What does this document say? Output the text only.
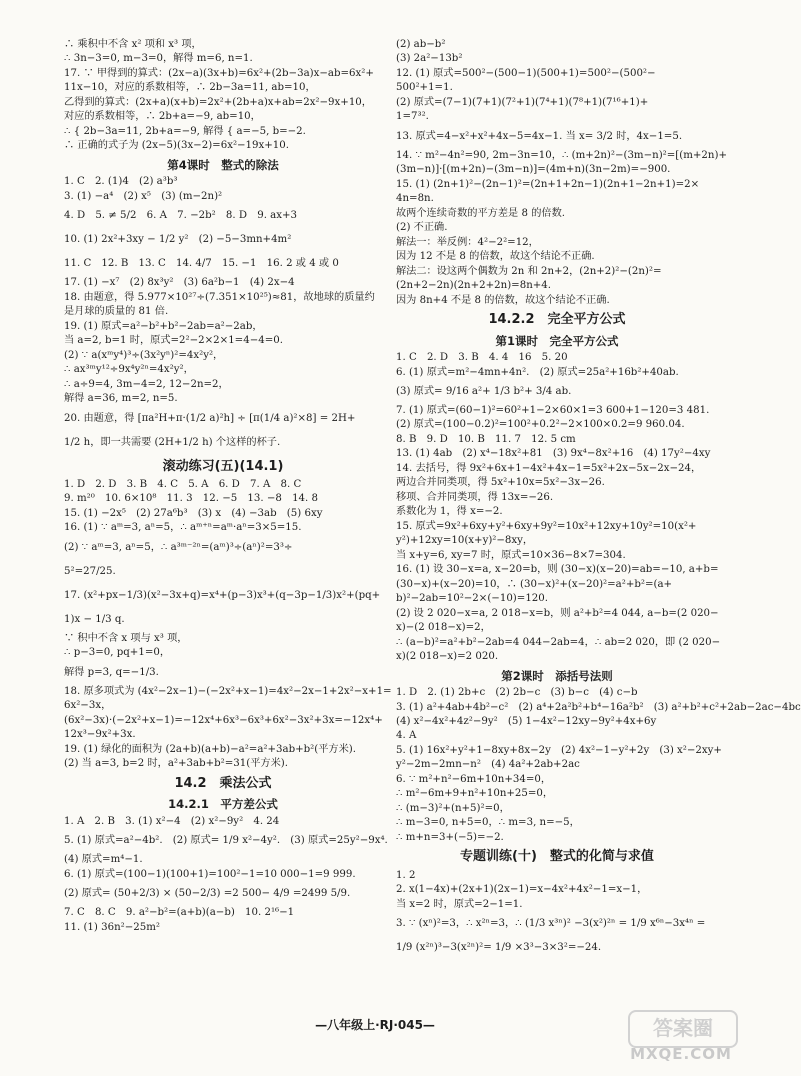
∴ 乘积中不含 x² 项和 x³ 项，
∴ 3n−3=0, m−3=0，解得 m=6, n=1.
17. ∵ 甲得到的算式：(2x−a)(3x+b)=6x²+(2b−3a)x−ab=6x²+
11x−10，对应的系数相等，∴ 2b−3a=11, ab=10，
乙得到的算式：(2x+a)(x+b)=2x²+(2b+a)x+ab=2x²−9x+10，
对应的系数相等，∴ 2b+a=−9, ab=10，
∴ { 2b−3a=11, 2b+a=−9, 解得 { a=−5, b=−2.
∴ 正确的式子为 (2x−5)(3x−2)=6x²−19x+10.
第4课时　整式的除法
1. C　2. (1)4　(2) a³b³
3. (1) −a⁴　(2) x⁵　(3) (m−2n)²
4. D　5. ≠ 5/2　6. A　7. −2b²　8. D　9. ax+3
10. (1) 2x²+3xy − 1/2 y²　(2) −5−3mn+4m²
11. C　12. B　13. C　14. 4/7　15. −1　16. 2 或 4 或 0
17. (1) −x⁷　(2) 8x³y²　(3) 6a²b−1　(4) 2x−4
18. 由题意，得 5.977×10²⁷÷(7.351×10²⁵)≈81，故地球的质量约
是月球的质量的 81 倍.
19. (1) 原式=a²−b²+b²−2ab=a²−2ab，
当 a=2, b=1 时，原式=2²−2×2×1=4−4=0.
(2) ∵ a(xᵐy⁴)³÷(3x²yⁿ)²=4x²y²，
∴ ax³ᵐy¹²÷9x⁴y²ⁿ=4x²y²，
∴ a÷9=4, 3m−4=2, 12−2n=2，
解得 a=36, m=2, n=5.
20. 由题意，得 [πa²H+π·(1/2 a)²h] ÷ [π(1/4 a)²×8] = 2H+
1/2 h，即一共需要 (2H+1/2 h) 个这样的杯子.
滚动练习(五)(14.1)
1. D　2. D　3. B　4. C　5. A　6. D　7. A　8. C
9. m²⁰　10. 6×10⁸　11. 3　12. −5　13. −8　14. 8
15. (1) −2x⁵　(2) 27a⁶b³　(3) x　(4) −3ab　(5) 6xy
16. (1) ∵ aᵐ=3, aⁿ=5，∴ aᵐ⁺ⁿ=aᵐ·aⁿ=3×5=15.
(2) ∵ aᵐ=3, aⁿ=5，∴ a³ᵐ⁻²ⁿ=(aᵐ)³÷(aⁿ)²=3³÷
5²=27/25.
17. (x²+px−1/3)(x²−3x+q)=x⁴+(p−3)x³+(q−3p−1/3)x²+(pq+
1)x − 1/3 q.
∵ 积中不含 x 项与 x³ 项，
∴ p−3=0, pq+1=0，
解得 p=3, q=−1/3.
18. 原多项式为 (4x²−2x−1)−(−2x²+x−1)=4x²−2x−1+2x²−x+1=
6x²−3x，
(6x²−3x)·(−2x²+x−1)=−12x⁴+6x³−6x³+6x²−3x²+3x=−12x⁴+
12x³−9x²+3x.
19. (1) 绿化的面积为 (2a+b)(a+b)−a²=a²+3ab+b²(平方米).
(2) 当 a=3, b=2 时，a²+3ab+b²=31(平方米).
14.2　乘法公式
14.2.1　平方差公式
1. A　2. B　3. (1) x²−4　(2) x²−9y²　4. 24
5. (1) 原式=a²−4b².　(2) 原式= 1/9 x²−4y².　(3) 原式=25y²−9x⁴.
(4) 原式=m⁴−1.
6. (1) 原式=(100−1)(100+1)=100²−1=10 000−1=9 999.
(2) 原式= (50+2/3) × (50−2/3) =2 500− 4/9 =2499 5/9.
7. C　8. C　9. a²−b²=(a+b)(a−b)　10. 2¹⁶−1
11. (1) 36n²−25m²
(2) ab−b²
(3) 2a²−13b²
12. (1) 原式=500²−(500−1)(500+1)=500²−(500²−
500²+1=1.
(2) 原式=(7−1)(7+1)(7²+1)(7⁴+1)(7⁸+1)(7¹⁶+1)+
1=7³².
13. 原式=4−x²+x²+4x−5=4x−1. 当 x= 3/2 时，4x−1=5.
14. ∵ m²−4n²=90, 2m−3n=10，∴ (m+2n)²−(3m−n)²=[(m+2n)+
(3m−n)]·[(m+2n)−(3m−n)]=(4m+n)(3n−2m)=−900.
15. (1) (2n+1)²−(2n−1)²=(2n+1+2n−1)(2n+1−2n+1)=2×
4n=8n.
故两个连续奇数的平方差是 8 的倍数.
(2) 不正确.
解法一：举反例：4²−2²=12，
因为 12 不是 8 的倍数，故这个结论不正确.
解法二：设这两个偶数为 2n 和 2n+2，(2n+2)²−(2n)²=
(2n+2−2n)(2n+2+2n)=8n+4.
因为 8n+4 不是 8 的倍数，故这个结论不正确.
14.2.2　完全平方公式
第1课时　完全平方公式
1. C　2. D　3. B　4. 4　16　5. 20
6. (1) 原式=m²−4mn+4n².　(2) 原式=25a²+16b²+40ab.
(3) 原式= 9/16 a²+ 1/3 b²+ 3/4 ab.
7. (1) 原式=(60−1)²=60²+1−2×60×1=3 600+1−120=3 481.
(2) 原式=(100−0.2)²=100²+0.2²−2×100×0.2=9 960.04.
8. B　9. D　10. B　11. 7　12. 5 cm
13. (1) 4ab　(2) x⁴−18x²+81　(3) 9x⁴−8x²+16　(4) 17y²−4xy
14. 去括号，得 9x²+6x+1−4x²+4x−1=5x²+2x−5x−2x−24，
两边合并同类项，得 5x²+10x=5x²−3x−26.
移项、合并同类项，得 13x=−26.
系数化为 1，得 x=−2.
15. 原式=9x²+6xy+y²+6xy+9y²=10x²+12xy+10y²=10(x²+
y²)+12xy=10(x+y)²−8xy，
当 x+y=6, xy=7 时，原式=10×36−8×7=304.
16. (1) 设 30−x=a, x−20=b，则 (30−x)(x−20)=ab=−10, a+b=
(30−x)+(x−20)=10，∴ (30−x)²+(x−20)²=a²+b²=(a+
b)²−2ab=10²−2×(−10)=120.
(2) 设 2 020−x=a, 2 018−x=b，则 a²+b²=4 044, a−b=(2 020−
x)−(2 018−x)=2，
∴ (a−b)²=a²+b²−2ab=4 044−2ab=4，∴ ab=2 020，即 (2 020−
x)(2 018−x)=2 020.
第2课时　添括号法则
1. D　2. (1) 2b+c　(2) 2b−c　(3) b−c　(4) c−b
3. (1) a²+4ab+4b²−c²　(2) a⁴+2a²b²+b⁴−16a²b²　(3) a²+b²+c²+2ab−2ac−4bc
(4) x²−4x²+4z²−9y²　(5) 1−4x²−12xy−9y²+4x+6y
4. A
5. (1) 16x²+y²+1−8xy+8x−2y　(2) 4x²−1−y²+2y　(3) x²−2xy+
y²−2m−2mn−n²　(4) 4a²+2ab+2ac
6. ∵ m²+n²−6m+10n+34=0，
∴ m²−6m+9+n²+10n+25=0，
∴ (m−3)²+(n+5)²=0，
∴ m−3=0, n+5=0，∴ m=3, n=−5，
∴ m+n=3+(−5)=−2.
专题训练(十)　整式的化简与求值
1. 2
2. x(1−4x)+(2x+1)(2x−1)=x−4x²+4x²−1=x−1，
当 x=2 时，原式=2−1=1.
3. ∵ (xⁿ)²=3，∴ x²ⁿ=3，∴ (1/3 x³ⁿ)² −3(x²)²ⁿ = 1/9 x⁶ⁿ−3x⁴ⁿ =
1/9 (x²ⁿ)³−3(x²ⁿ)²= 1/9 ×3³−3×3²=−24.
—八年级上·RJ·045—	答案圈
MXQE.COM
